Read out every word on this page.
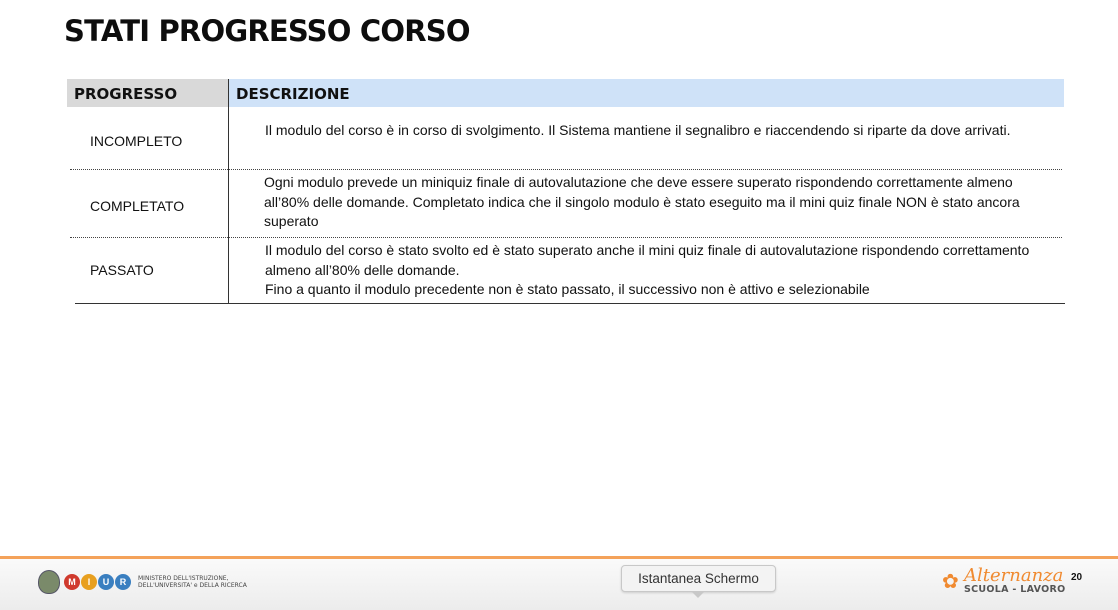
STATI PROGRESSO CORSO
PROGRESSO	DESCRIZIONE
INCOMPLETO
Il modulo del corso è in corso di svolgimento. Il Sistema mantiene il segnalibro e riaccendendo si riparte da dove arrivati.
COMPLETATO
Ogni modulo prevede un miniquiz finale di autovalutazione che deve essere superato rispondendo correttamente almeno all’80% delle domande. Completato indica che il singolo modulo è stato eseguito ma il mini quiz finale NON è stato ancora superato
PASSATO
Il modulo del corso è stato svolto ed è stato superato anche il mini quiz finale di autovalutazione rispondendo correttamento almeno all’80% delle domande.
Fino a quanto il modulo precedente non è stato passato, il successivo non è attivo e selezionabile
M	I	U	R	MINISTERO DELL'ISTRUZIONE,
DELL'UNIVERSITA' e DELLA RICERCA	Istantanea Schermo	✿ Alternanza
SCUOLA - LAVORO
20
